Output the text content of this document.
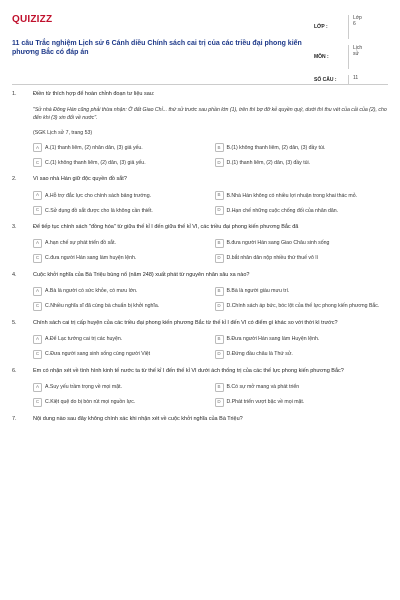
QUIZIZZ
11 câu Trắc nghiệm Lịch sử 6 Cánh diều Chính sách cai trị của các triều đại phong kiến phương Bắc có đáp án
LỚP :
Lớp 6
MÔN :
Lịch sử
SỐ CÂU :	11
1.	Điền từ thích hợp để hoàn chỉnh đoạn tư liệu sau:
"Sử nhà Đông Hán cũng phải thừa nhận: Ở đất Giao Chỉ... thứ sử trước sau phần lớn (1), trên thì bợ đỡ kẻ quyền quý, dưới thì thu vét của cải của (2), cho đến khi (3) xin đổi về nước".
(SGK Lịch sử 7, trang 53)
A	A.(1) thanh liêm, (2) nhân dân, (3) giả yếu.	B	B.(1) không thanh liêm, (2) dân, (3) đầy túi.
C	C.(1) không thanh liêm, (2) dân, (3) giả yếu.	D	D.(1) thanh liêm, (2) dân, (3) đầy túi.
2.	Vì sao nhà Hán giữ độc quyền đồ sắt?
A	A.Hỗ trợ đắc lực cho chính sách bảng trướng.	B	B.Nhà Hán không có nhiều lợi nhuận trong khai thác mỏ.
C	C.Sử dụng đồ sắt được cho là không cần thiết.	D	D.Hạn chế những cuộc chống đối của nhân dân.
3.	Để tiếp tục chính sách "đồng hóa" từ giữa thế kỉ I đến giữa thế kỉ VI, các triều đại phong kiến phương Bắc đã
A	A.hạn chế sự phát triển đồ sắt.	B	B.đưa người Hán sang Giao Châu sinh sống
C	C.đưa người Hán sang làm huyện lệnh.	D	D.bắt nhân dân nộp nhiều thứ thuế vô lí
4.	Cuộc khởi nghĩa của Bà Triệu bùng nổ (năm 248) xuất phát từ nguyên nhân sâu xa nào?
A	A.Bà là người có sức khỏe, có mưu lớn.	B	B.Bà là người giàu mưu trí.
C	C.Nhiều nghĩa sĩ đã cùng bà chuẩn bị khởi nghĩa.	D	D.Chính sách áp bức, bóc lột của thế lực phong kiến phương Bắc.
5.	Chính sách cai trị cấp huyện của các triều đại phong kiến phương Bắc từ thế kỉ I đến VI có điểm gì khác so với thời kì trước?
A	A.Để Lạc tướng cai trị các huyện.	B	B.Đưa người Hán sang làm Huyện lệnh.
C	C.Đưa người sang sinh sống cùng người Việt	D	D.Đứng đầu châu là Thứ sử.
6.	Em có nhận xét về tình hình kinh tế nước ta từ thế kỉ I đến thế kỉ VI dưới ách thống trị của các thế lực phong kiến phương Bắc?
A	A.Suy yếu trầm trọng về mọi mặt.	B	B.Có sự mở mang và phát triển
C	C.Kiệt quệ do bị bòn rút mọi nguồn lực.	D	D.Phát triển vượt bậc về mọi mặt.
7.	Nội dung nào sau đây không chính xác khi nhận xét về cuộc khởi nghĩa của Bà Triệu?
